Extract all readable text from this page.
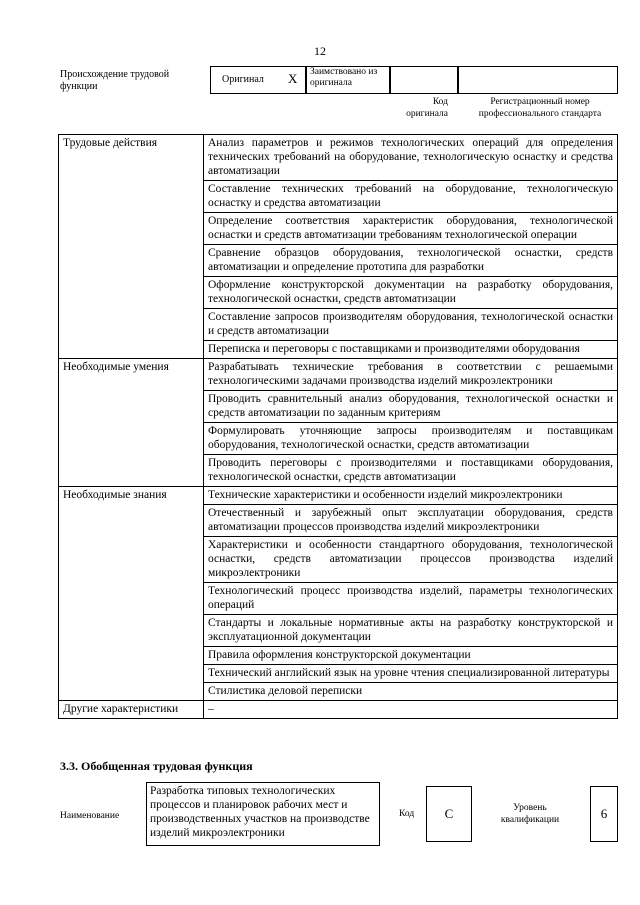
12
Происхождение трудовой функции
Оригинал X Заимствовано из оригинала
Код оригинала
Регистрационный номер профессионального стандарта
Трудовые действия	Анализ параметров и режимов технологических операций для определения технических требований на оборудование, технологическую оснастку и средства автоматизации
	Составление технических требований на оборудование, технологическую оснастку и средства автоматизации
	Определение соответствия характеристик оборудования, технологической оснастки и средств автоматизации требованиям технологической операции
	Сравнение образцов оборудования, технологической оснастки, средств автоматизации и определение прототипа для разработки
	Оформление конструкторской документации на разработку оборудования, технологической оснастки, средств автоматизации
	Составление запросов производителям оборудования, технологической оснастки и средств автоматизации
	Переписка и переговоры с поставщиками и производителями оборудования
Необходимые умения	Разрабатывать технические требования в соответствии с решаемыми технологическими задачами производства изделий микроэлектроники
	Проводить сравнительный анализ оборудования, технологической оснастки и средств автоматизации по заданным критериям
	Формулировать уточняющие запросы производителям и поставщикам оборудования, технологической оснастки, средств автоматизации
	Проводить переговоры с производителями и поставщиками оборудования, технологической оснастки, средств автоматизации
Необходимые знания	Технические характеристики и особенности изделий микроэлектроники
	Отечественный и зарубежный опыт эксплуатации оборудования, средств автоматизации процессов производства изделий микроэлектроники
	Характеристики и особенности стандартного оборудования, технологической оснастки, средств автоматизации процессов производства изделий микроэлектроники
	Технологический процесс производства изделий, параметры технологических операций
	Стандарты и локальные нормативные акты на разработку конструкторской и эксплуатационной документации
	Правила оформления конструкторской документации
	Технический английский язык на уровне чтения специализированной литературы
	Стилистика деловой переписки
Другие характеристики	–
3.3. Обобщенная трудовая функция
Наименование
Разработка типовых технологических процессов и планировок рабочих мест и производственных участков на производстве изделий микроэлектроники
Код	С	Уровень квалификации	6
